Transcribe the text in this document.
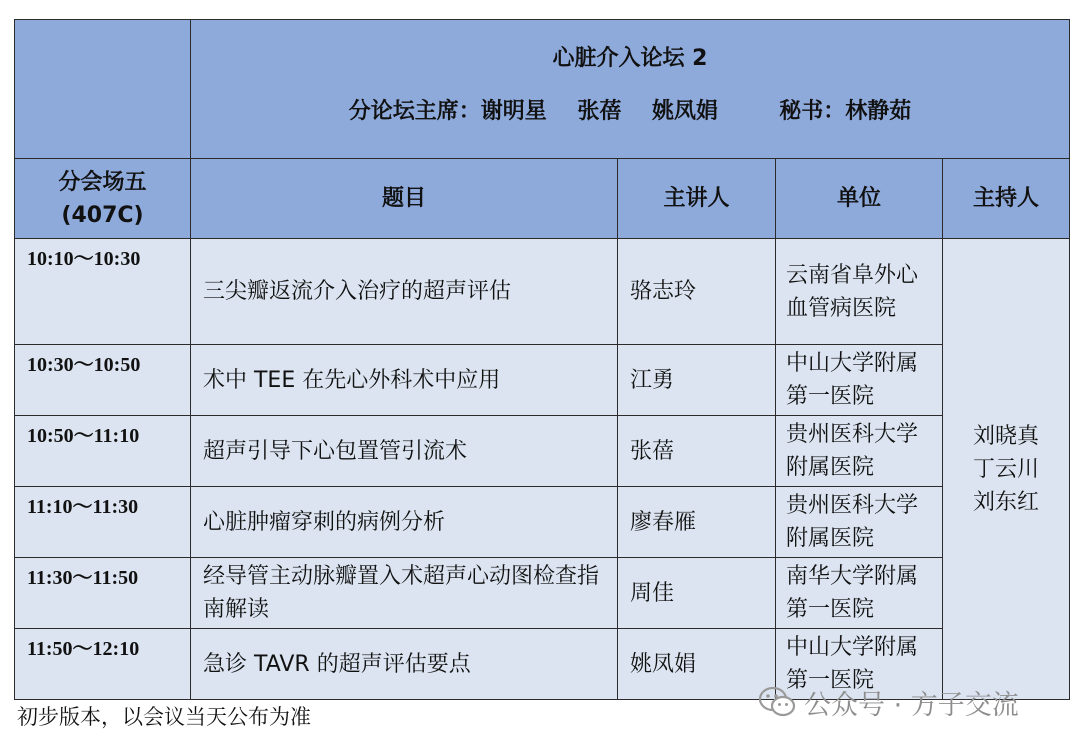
	心脏介入论坛 2
分论坛主席：谢明星    张蓓    姚凤娟        秘书：林静茹			

分会场五
(407C)	题目	主讲人	单位	主持人
10:10～10:30	三尖瓣返流介入治疗的超声评估	骆志玲	云南省阜外心血管病医院	刘晓真
丁云川
刘东红

10:30～10:50	术中 TEE 在先心外科术中应用	江勇	中山大学附属第一医院	
10:50～11:10	超声引导下心包置管引流术	张蓓	贵州医科大学附属医院	
11:10～11:30	心脏肿瘤穿刺的病例分析	廖春雁	贵州医科大学附属医院	
11:30～11:50	经导管主动脉瓣置入术超声心动图检查指南解读	周佳	南华大学附属第一医院	
11:50～12:10	急诊 TAVR 的超声评估要点	姚凤娟	中山大学附属第一医院	
初步版本，以会议当天公布为准	公众号 · 方子交流
